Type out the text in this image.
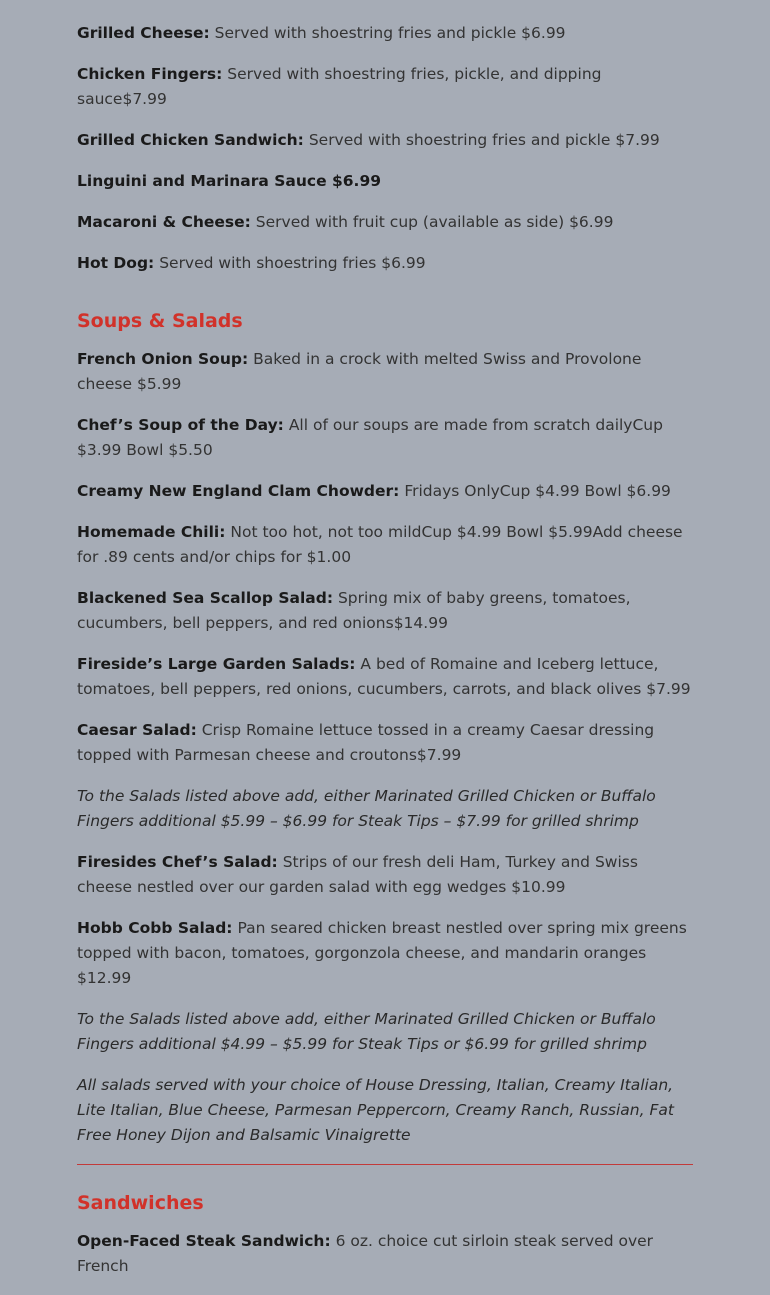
Grilled Cheese: Served with shoestring fries and pickle $6.99

Chicken Fingers: Served with shoestring fries, pickle, and dipping sauce$7.99

Grilled Chicken Sandwich: Served with shoestring fries and pickle $7.99

Linguini and Marinara Sauce $6.99

Macaroni & Cheese: Served with fruit cup (available as side) $6.99

Hot Dog: Served with shoestring fries $6.99

Soups & Salads

French Onion Soup: Baked in a crock with melted Swiss and Provolone cheese $5.99

Chef’s Soup of the Day: All of our soups are made from scratch dailyCup $3.99 Bowl $5.50

Creamy New England Clam Chowder: Fridays OnlyCup $4.99 Bowl $6.99

Homemade Chili: Not too hot, not too mildCup $4.99 Bowl $5.99Add cheese for .89 cents and/or chips for $1.00

Blackened Sea Scallop Salad: Spring mix of baby greens, tomatoes, cucumbers, bell peppers, and red onions$14.99

Fireside’s Large Garden Salads: A bed of Romaine and Iceberg lettuce, tomatoes, bell peppers, red onions, cucumbers, carrots, and black olives $7.99

Caesar Salad: Crisp Romaine lettuce tossed in a creamy Caesar dressing topped with Parmesan cheese and croutons$7.99

To the Salads listed above add, either Marinated Grilled Chicken or Buffalo Fingers additional $5.99 – $6.99 for Steak Tips – $7.99 for grilled shrimp

Firesides Chef’s Salad: Strips of our fresh deli Ham, Turkey and Swiss cheese nestled over our garden salad with egg wedges $10.99

Hobb Cobb Salad: Pan seared chicken breast nestled over spring mix greens topped with bacon, tomatoes, gorgonzola cheese, and mandarin oranges $12.99

To the Salads listed above add, either Marinated Grilled Chicken or Buffalo Fingers additional $4.99 – $5.99 for Steak Tips or $6.99 for grilled shrimp

All salads served with your choice of House Dressing, Italian, Creamy Italian, Lite Italian, Blue Cheese, Parmesan Peppercorn, Creamy Ranch, Russian, Fat Free Honey Dijon and Balsamic Vinaigrette

Sandwiches

Open-Faced Steak Sandwich: 6 oz. choice cut sirloin steak served over French
